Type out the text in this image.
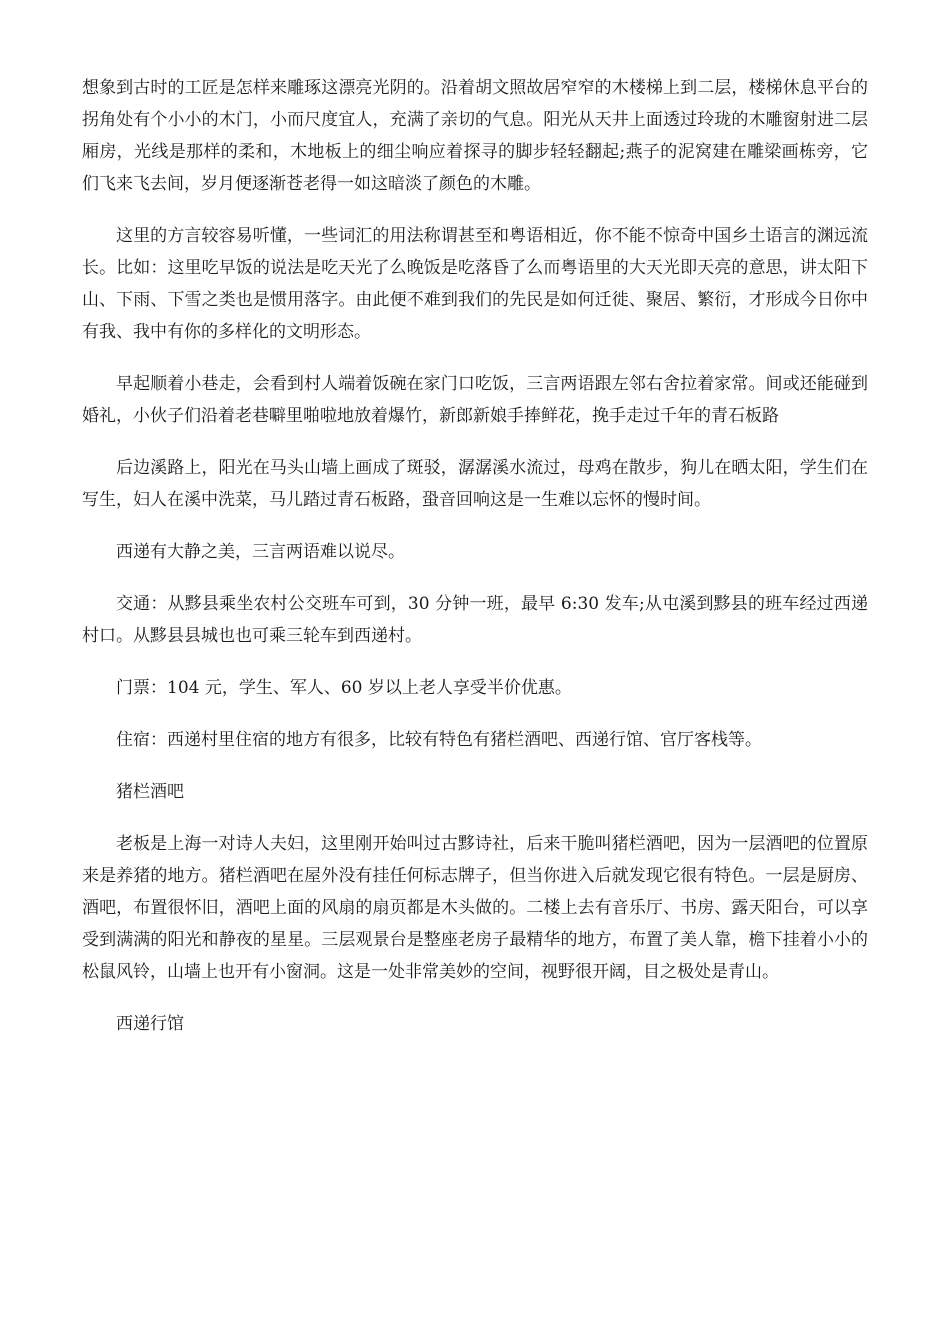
想象到古时的工匠是怎样来雕琢这漂亮光阴的。沿着胡文照故居窄窄的木楼梯上到二层，楼梯休息平台的拐角处有个小小的木门，小而尺度宜人，充满了亲切的气息。阳光从天井上面透过玲珑的木雕窗射进二层厢房，光线是那样的柔和，木地板上的细尘响应着探寻的脚步轻轻翻起;燕子的泥窝建在雕梁画栋旁，它们飞来飞去间，岁月便逐渐苍老得一如这暗淡了颜色的木雕。

这里的方言较容易听懂，一些词汇的用法称谓甚至和粤语相近，你不能不惊奇中国乡土语言的渊远流长。比如：这里吃早饭的说法是吃天光了么晚饭是吃落昏了么而粤语里的大天光即天亮的意思，讲太阳下山、下雨、下雪之类也是惯用落字。由此便不难到我们的先民是如何迁徙、聚居、繁衍，才形成今日你中有我、我中有你的多样化的文明形态。

早起顺着小巷走，会看到村人端着饭碗在家门口吃饭，三言两语跟左邻右舍拉着家常。间或还能碰到婚礼，小伙子们沿着老巷噼里啪啦地放着爆竹，新郎新娘手捧鲜花，挽手走过千年的青石板路

后边溪路上，阳光在马头山墙上画成了斑驳，潺潺溪水流过，母鸡在散步，狗儿在晒太阳，学生们在写生，妇人在溪中洗菜，马儿踏过青石板路，蛩音回响这是一生难以忘怀的慢时间。

西递有大静之美，三言两语难以说尽。

交通：从黟县乘坐农村公交班车可到，30 分钟一班，最早 6:30 发车;从屯溪到黟县的班车经过西递村口。从黟县县城也也可乘三轮车到西递村。

门票：104 元，学生、军人、60 岁以上老人享受半价优惠。

住宿：西递村里住宿的地方有很多，比较有特色有猪栏酒吧、西递行馆、官厅客栈等。

猪栏酒吧

老板是上海一对诗人夫妇，这里刚开始叫过古黟诗社，后来干脆叫猪栏酒吧，因为一层酒吧的位置原来是养猪的地方。猪栏酒吧在屋外没有挂任何标志牌子，但当你进入后就发现它很有特色。一层是厨房、酒吧，布置很怀旧，酒吧上面的风扇的扇页都是木头做的。二楼上去有音乐厅、书房、露天阳台，可以享受到满满的阳光和静夜的星星。三层观景台是整座老房子最精华的地方，布置了美人靠，檐下挂着小小的松鼠风铃，山墙上也开有小窗洞。这是一处非常美妙的空间，视野很开阔，目之极处是青山。

西递行馆
